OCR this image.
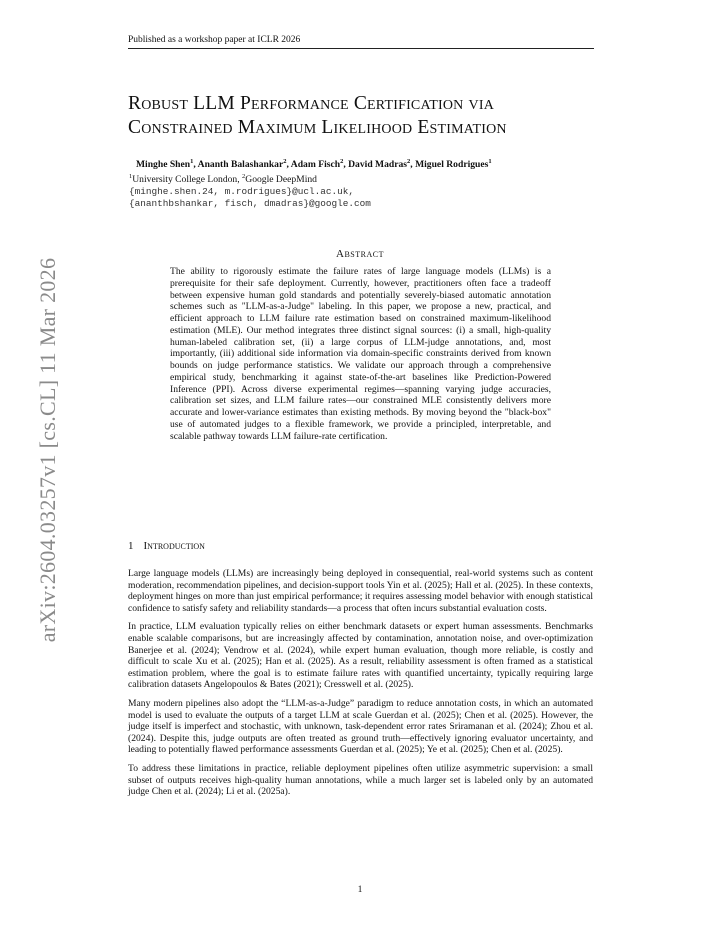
Published as a workshop paper at ICLR 2026
arXiv:2604.03257v1 [cs.CL] 11 Mar 2026
Robust LLM Performance Certification via
Constrained Maximum Likelihood Estimation
Minghe Shen$^1$, Ananth Balashankar$^2$, Adam Fisch$^2$, David Madras$^2$, Miguel Rodrigues$^1$
$^1$University College London, $^2$Google DeepMind
{minghe.shen.24, m.rodrigues}@ucl.ac.uk,
{ananthbshankar, fisch, dmadras}@google.com
Abstract
The ability to rigorously estimate the failure rates of large language models (LLMs) is a prerequisite for their safe deployment. Currently, however, practitioners often face a tradeoff between expensive human gold standards and potentially severely-biased automatic annotation schemes such as "LLM-as-a-Judge" labeling. In this paper, we propose a new, practical, and efficient approach to LLM failure rate estimation based on constrained maximum-likelihood estimation (MLE). Our method integrates three distinct signal sources: (i) a small, high-quality human-labeled calibration set, (ii) a large corpus of LLM-judge annotations, and, most importantly, (iii) additional side information via domain-specific constraints derived from known bounds on judge performance statistics. We validate our approach through a comprehensive empirical study, benchmarking it against state-of-the-art baselines like Prediction-Powered Inference (PPI). Across diverse experimental regimes—spanning varying judge accuracies, calibration set sizes, and LLM failure rates—our constrained MLE consistently delivers more accurate and lower-variance estimates than existing methods. By moving beyond the "black-box" use of automated judges to a flexible framework, we provide a principled, interpretable, and scalable pathway towards LLM failure-rate certification.
1 Introduction

Large language models (LLMs) are increasingly being deployed in consequential, real-world systems such as content moderation, recommendation pipelines, and decision-support tools Yin et al. (2025); Hall et al. (2025). In these contexts, deployment hinges on more than just empirical performance; it requires assessing model behavior with enough statistical confidence to satisfy safety and reliability standards—a process that often incurs substantial evaluation costs.

In practice, LLM evaluation typically relies on either benchmark datasets or expert human assessments. Benchmarks enable scalable comparisons, but are increasingly affected by contamination, annotation noise, and over-optimization Banerjee et al. (2024); Vendrow et al. (2024), while expert human evaluation, though more reliable, is costly and difficult to scale Xu et al. (2025); Han et al. (2025). As a result, reliability assessment is often framed as a statistical estimation problem, where the goal is to estimate failure rates with quantified uncertainty, typically requiring large calibration datasets Angelopoulos & Bates (2021); Cresswell et al. (2025).

Many modern pipelines also adopt the “LLM-as-a-Judge” paradigm to reduce annotation costs, in which an automated model is used to evaluate the outputs of a target LLM at scale Guerdan et al. (2025); Chen et al. (2025). However, the judge itself is imperfect and stochastic, with unknown, task-dependent error rates Sriramanan et al. (2024); Zhou et al. (2024). Despite this, judge outputs are often treated as ground truth—effectively ignoring evaluator uncertainty, and leading to potentially flawed performance assessments Guerdan et al. (2025); Ye et al. (2025); Chen et al. (2025).

To address these limitations in practice, reliable deployment pipelines often utilize asymmetric supervision: a small subset of outputs receives high-quality human annotations, while a much larger set is labeled only by an automated judge Chen et al. (2024); Li et al. (2025a).

1
